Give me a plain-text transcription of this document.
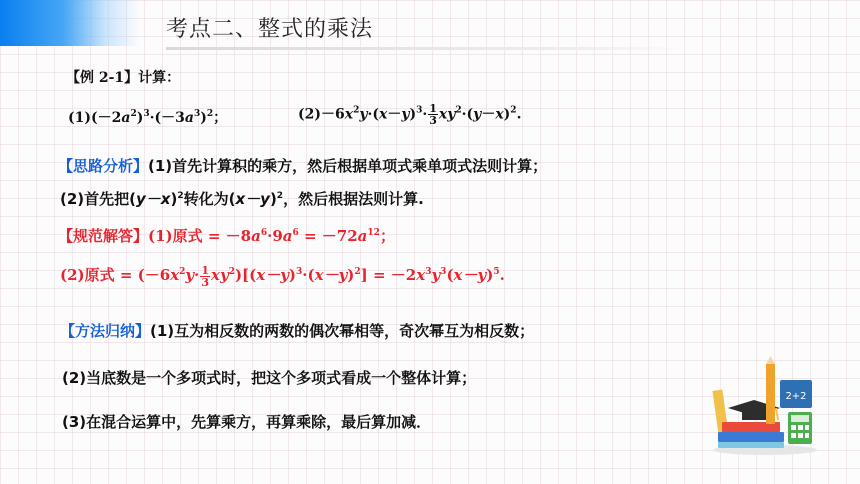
考点二、整式的乘法
【例 2-1】计算：
$(1)(-2a^2)^3\cdot(-3a^3)^2$；	$(2)-6x^2y\cdot(x-y)^3\cdot \frac{1}{3} xy^2\cdot(y-x)^2$.
【思路分析】(1)首先计算积的乘方，然后根据单项式乘单项式法则计算；
(2)首先把$(y-x)^2$转化为$(x-y)^2$，然后根据法则计算.
【规范解答】(1)原式 = $-8a^6\cdot 9a^6 = -72a^{12}$；
(2)原式 = $(-6x^2y\cdot \frac{1}{3} xy^2)[(x-y)^3\cdot(x-y)^2] = -2x^3y^3(x-y)^5$.
【方法归纳】(1)互为相反数的两数的偶次幂相等，奇次幂互为相反数；
(2)当底数是一个多项式时，把这个多项式看成一个整体计算；
(3)在混合运算中，先算乘方，再算乘除，最后算加减．
2+2
